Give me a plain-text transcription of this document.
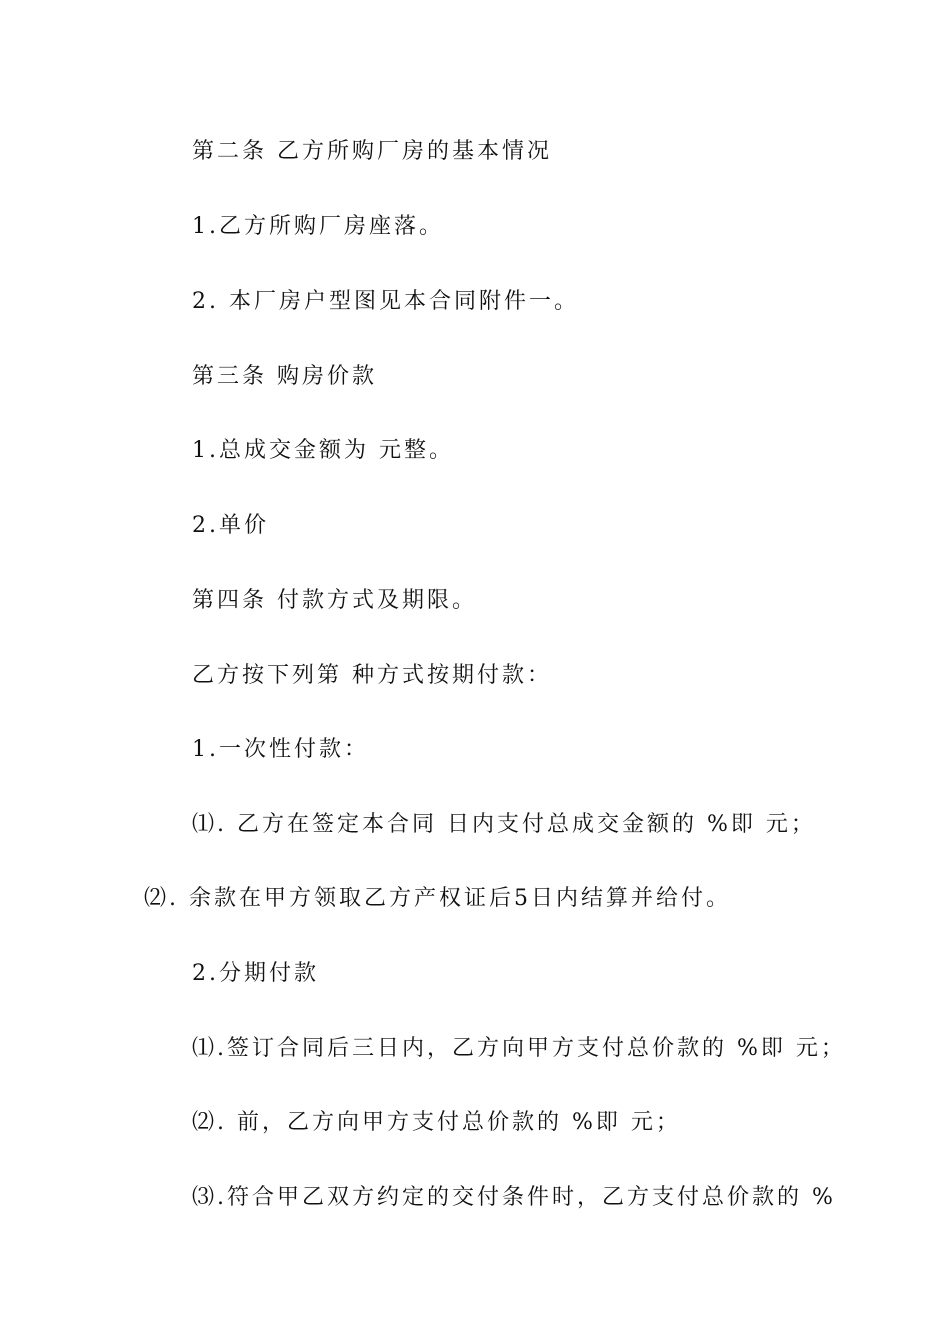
第二条 乙方所购厂房的基本情况
1.乙方所购厂房座落。
2. 本厂房户型图见本合同附件一。
第三条 购房价款
1.总成交金额为 元整。
2.单价
第四条 付款方式及期限。
乙方按下列第 种方式按期付款：
1.一次性付款：
⑴. 乙方在签定本合同 日内支付总成交金额的 %即 元；
⑵. 余款在甲方领取乙方产权证后5日内结算并给付。
2.分期付款
⑴.签订合同后三日内，乙方向甲方支付总价款的 %即 元；
⑵. 前，乙方向甲方支付总价款的 %即 元；
⑶.符合甲乙双方约定的交付条件时，乙方支付总价款的 %
